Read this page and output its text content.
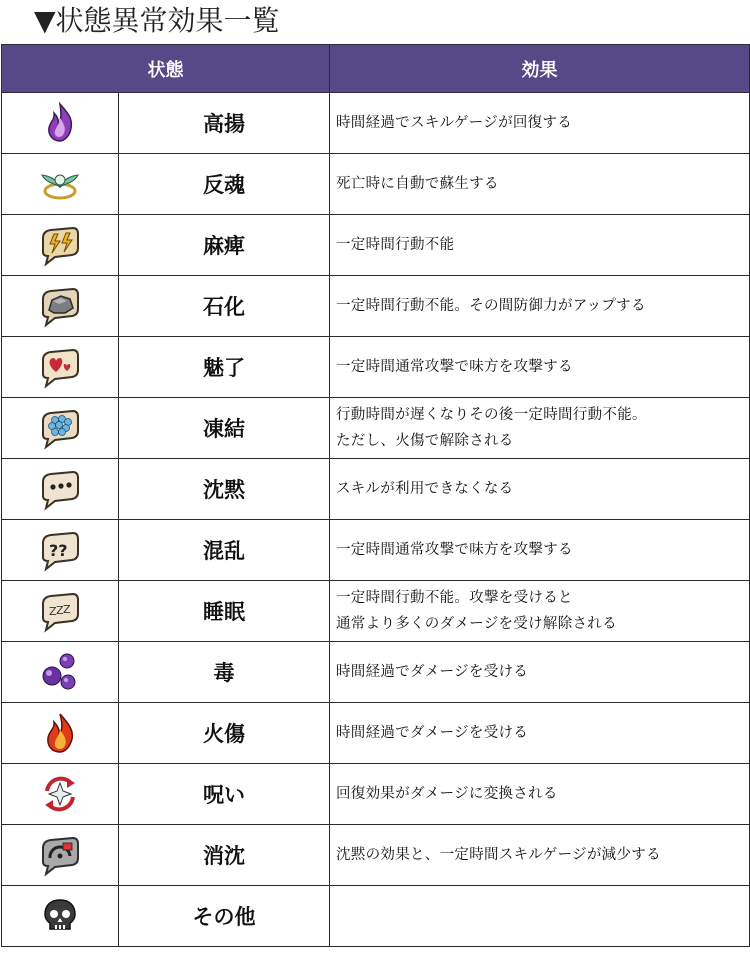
▼状態異常効果一覧
状態		効果

	高揚	時間経過でスキルゲージが回復する

	反魂	死亡時に自動で蘇生する

	麻痺	一定時間行動不能

	石化	一定時間行動不能。その間防御力がアップする

	魅了	一定時間通常攻撃で味方を攻撃する

	凍結	行動時間が遅くなりその後一定時間行動不能。
ただし、火傷で解除される

	沈黙	スキルが利用できなくなる

??	混乱	一定時間通常攻撃で味方を攻撃する

Z Z Z	睡眠	一定時間行動不能。攻撃を受けると
通常より多くのダメージを受け解除される

	毒	時間経過でダメージを受ける

	火傷	時間経過でダメージを受ける

	呪い	回復効果がダメージに変換される

	消沈	沈黙の効果と、一定時間スキルゲージが減少する

	その他	
